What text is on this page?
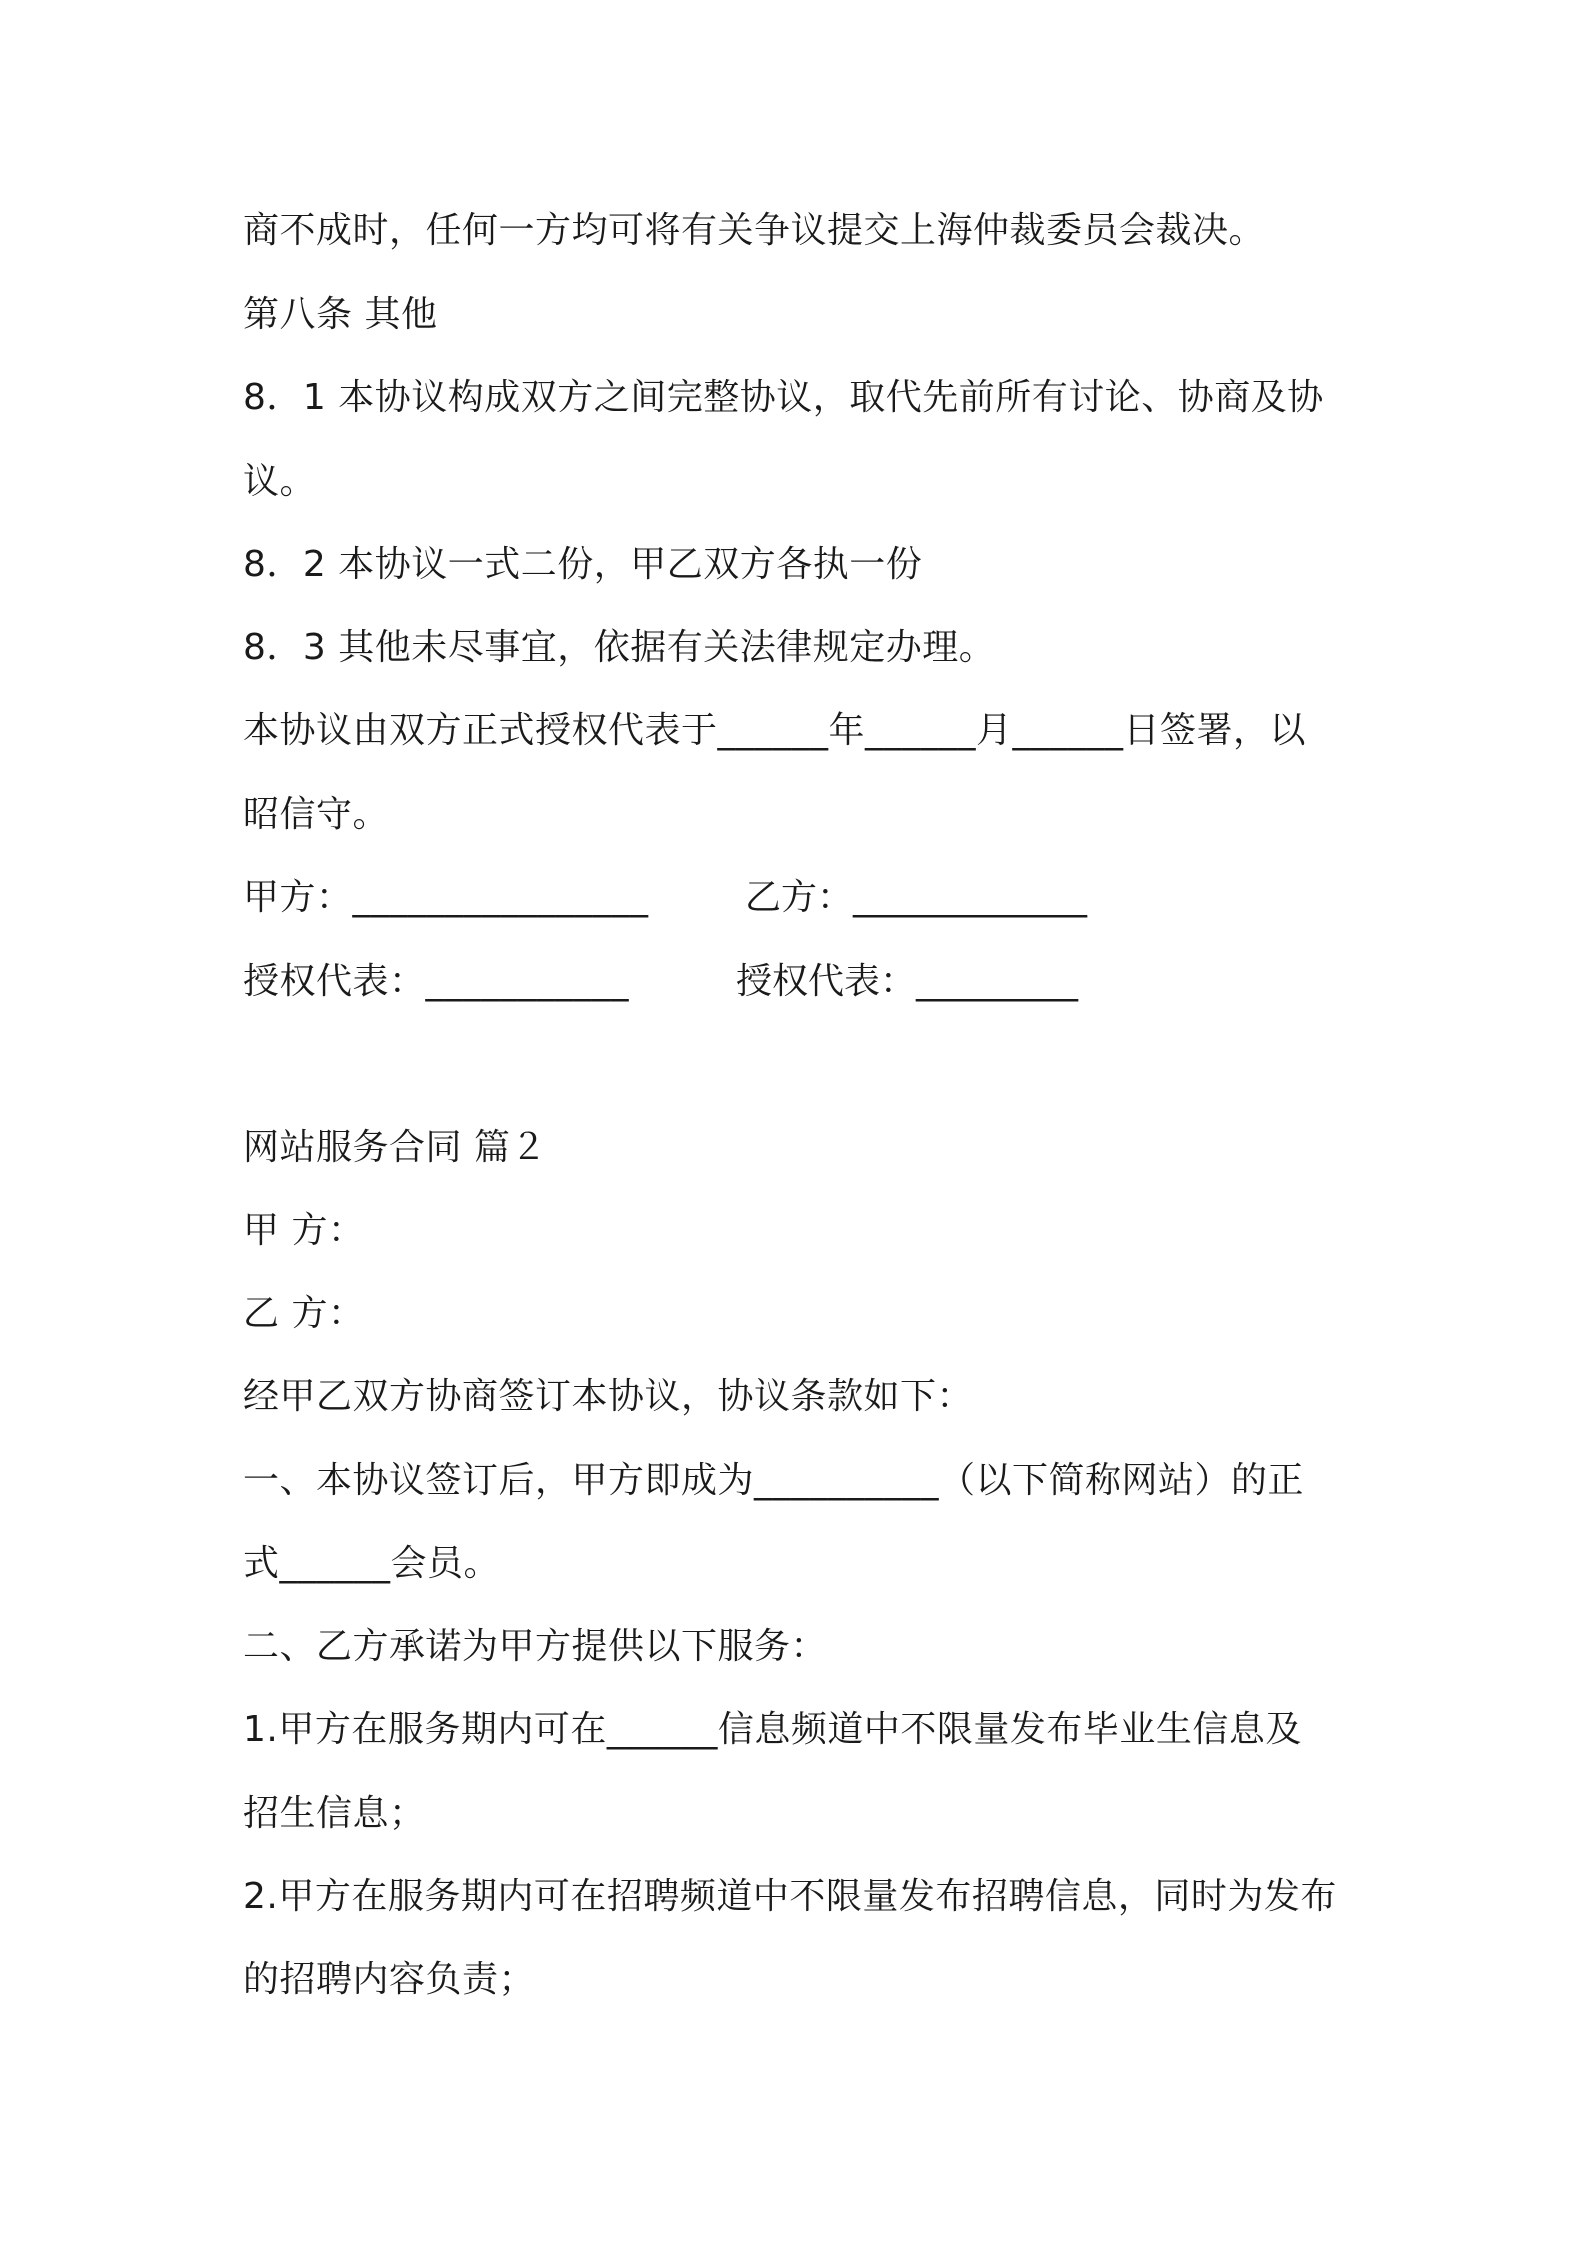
商不成时，任何一方均可将有关争议提交上海仲裁委员会裁决。
第八条 其他
8．1 本协议构成双方之间完整协议，取代先前所有讨论、协商及协
议。
8．2 本协议一式二份，甲乙双方各执一份
8．3 其他未尽事宜，依据有关法律规定办理。
本协议由双方正式授权代表于______年______月______日签署，以
昭信守。
甲方：________________	乙方：_____________
授权代表：___________	授权代表：_________
网站服务合同 篇２
甲 方：
乙 方：
经甲乙双方协商签订本协议，协议条款如下：
一、本协议签订后，甲方即成为__________（以下简称网站）的正
式______会员。
二、乙方承诺为甲方提供以下服务：
1.甲方在服务期内可在______信息频道中不限量发布毕业生信息及
招生信息；
2.甲方在服务期内可在招聘频道中不限量发布招聘信息，同时为发布
的招聘内容负责；
